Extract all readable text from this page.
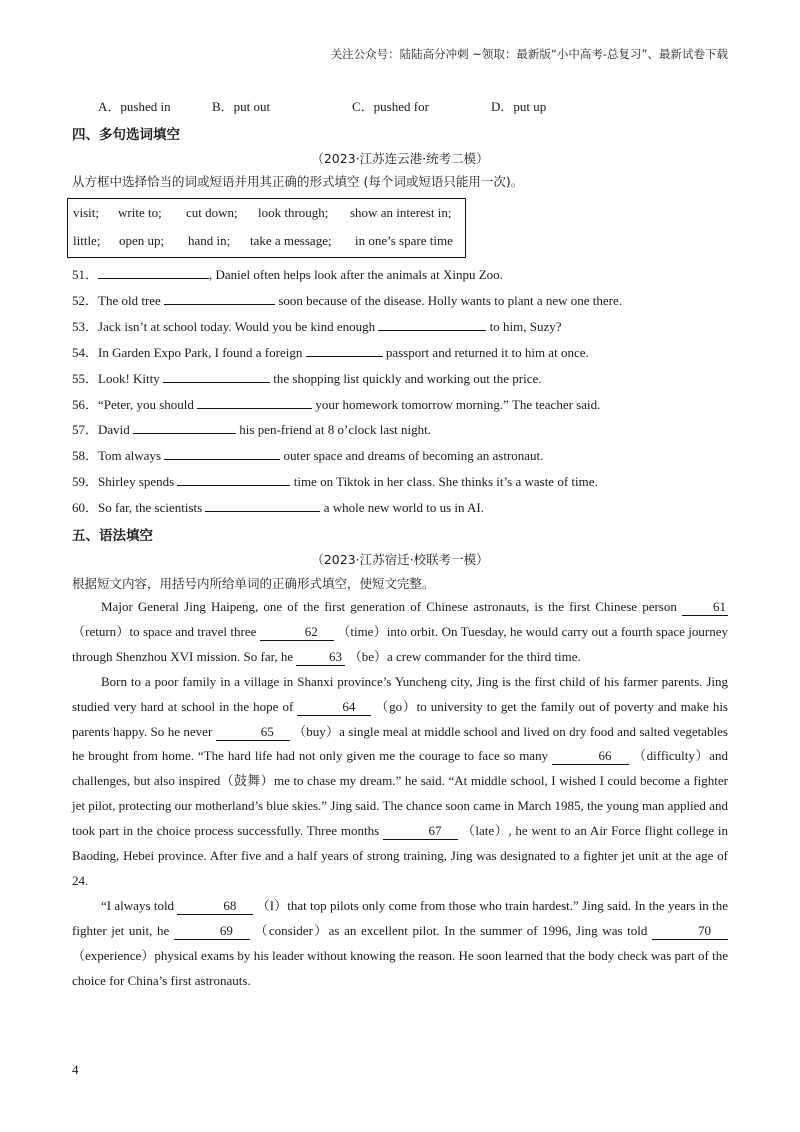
关注公众号：陆陆高分冲刺 ~领取：最新版“小中高考-总复习”、最新试卷下载
A．pushed in	B．put out	C．pushed for	D．put up
四、多句选词填空
（2023·江苏连云港·统考二模）
从方框中选择恰当的词或短语并用其正确的形式填空 (每个词或短语只能用一次)。
visit; write to; cut down; look through; show an interest in;
little; open up; hand in; take a message; in one’s spare time
51．	, Daniel often helps look after the animals at Xinpu Zoo.
52．The old tree	soon because of the disease. Holly wants to plant a new one there.
53．Jack isn’t at school today. Would you be kind enough	to him, Suzy?
54．In Garden Expo Park, I found a foreign	passport and returned it to him at once.
55．Look! Kitty	the shopping list quickly and working out the price.
56．“Peter, you should	your homework tomorrow morning.” The teacher said.
57．David	his pen-friend at 8 o’clock last night.
58．Tom always	outer space and dreams of becoming an astronaut.
59．Shirley spends	time on Tiktok in her class. She thinks it’s a waste of time.
60．So far, the scientists	a whole new world to us in AI.
五、语法填空
（2023·江苏宿迁·校联考一模）
根据短文内容，用括号内所给单词的正确形式填空，使短文完整。

Major General Jing Haipeng, one of the first generation of Chinese astronauts, is the first Chinese person 61 （return）to space and travel three	62 （time）into orbit. On Tuesday, he would carry out a fourth space journey through Shenzhou XVI mission. So far, he	63 （be）a crew commander for the third time.

Born to a poor family in a village in Shanxi province’s Yuncheng city, Jing is the first child of his farmer parents. Jing studied very hard at school in the hope of	64 （go）to university to get the family out of poverty and make his parents happy. So he never	65 （buy）a single meal at middle school and lived on dry food and salted vegetables he brought from home. “The hard life had not only given me the courage to face so many	66 （difficulty）and challenges, but also inspired（鼓舞）me to chase my dream.” he said. “At middle school, I wished I could become a fighter jet pilot, protecting our motherland’s blue skies.” Jing said. The chance soon came in March 1985, the young man applied and took part in the choice process successfully. Three months	67 （late）, he went to an Air Force flight college in Baoding, Hebei province. After five and a half years of strong training, Jing was designated to a fighter jet unit at the age of 24.

“I always told	68 （I）that top pilots only come from those who train hardest.” Jing said. In the years in the fighter jet unit, he	69 （consider）as an excellent pilot. In the summer of 1996, Jing was told	70 （experience）physical exams by his leader without knowing the reason. He soon learned that the body check was part of the choice for China’s first astronauts.

4
